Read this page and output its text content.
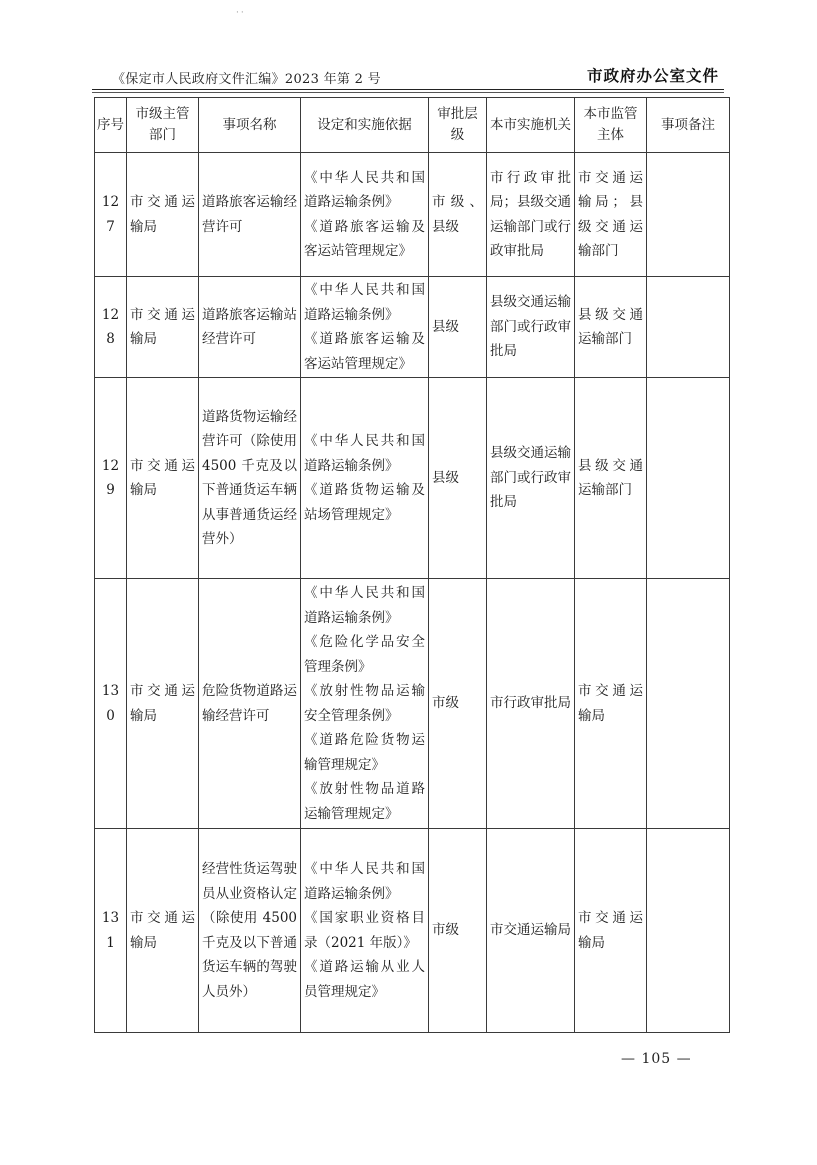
··
《保定市人民政府文件汇编》2023 年第 2 号	市政府办公室文件
序号	市级主管部门	事项名称	设定和实施依据	审批层级	本市实施机关	本市监管主体	事项备注
127	市交通运输局	道路旅客运输经营许可	《中华人民共和国道路运输条例》
《道路旅客运输及客运站管理规定》	市级、县级	市行政审批局；县级交通运输部门或行政审批局	市交通运输局；县级交通运输部门	
128	市交通运输局	道路旅客运输站经营许可	《中华人民共和国道路运输条例》
《道路旅客运输及客运站管理规定》	县级	县级交通运输部门或行政审批局	县级交通运输部门	
129	市交通运输局	道路货物运输经营许可（除使用 4500 千克及以下普通货运车辆从事普通货运经营外）	《中华人民共和国道路运输条例》
《道路货物运输及站场管理规定》	县级	县级交通运输部门或行政审批局	县级交通运输部门	
130	市交通运输局	危险货物道路运输经营许可	《中华人民共和国道路运输条例》
《危险化学品安全管理条例》
《放射性物品运输安全管理条例》
《道路危险货物运输管理规定》
《放射性物品道路运输管理规定》	市级	市行政审批局	市交通运输局	
131	市交通运输局	经营性货运驾驶员从业资格认定（除使用 4500 千克及以下普通货运车辆的驾驶人员外）	《中华人民共和国道路运输条例》
《国家职业资格目录（2021 年版）》
《道路运输从业人员管理规定》	市级	市交通运输局	市交通运输局	
— 105 —
